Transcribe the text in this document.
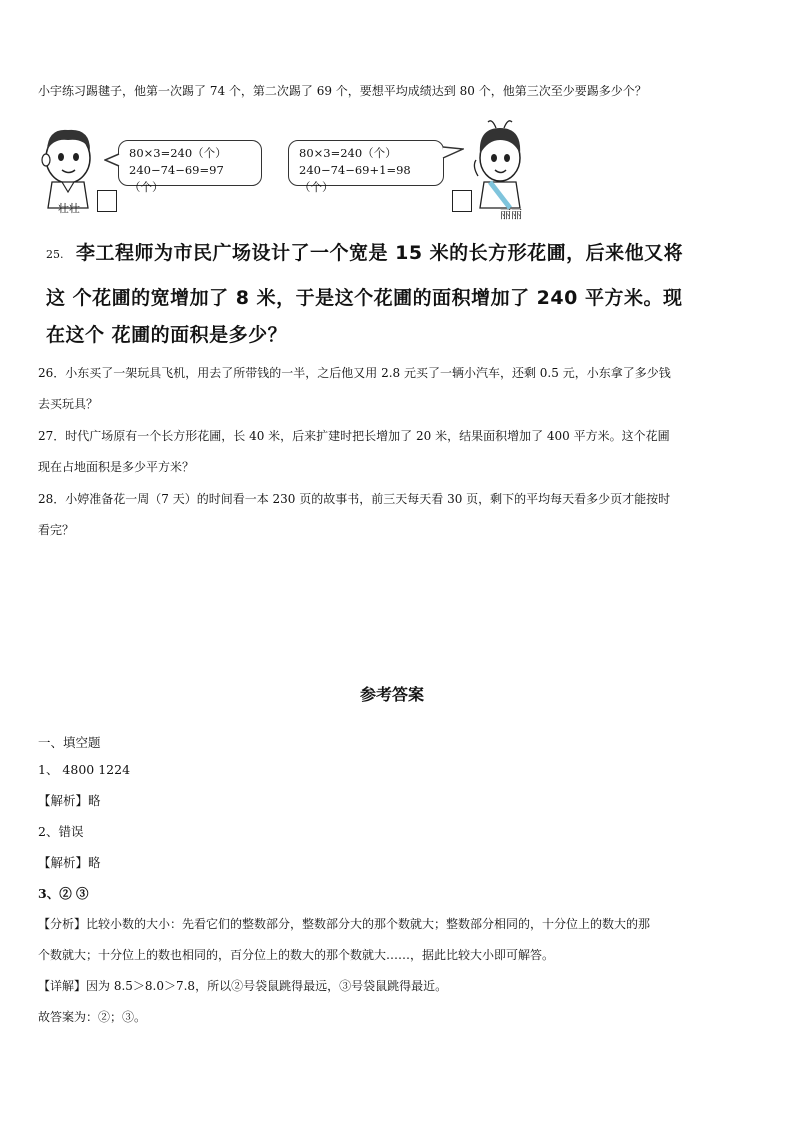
小宇练习踢毽子，他第一次踢了 74 个，第二次踢了 69 个，要想平均成绩达到 80 个，他第三次至少要踢多少个？
壮壮
80×3=240（个）
240−74−69=97（个）
80×3=240（个）
240−74−69+1=98（个）
丽丽
25. 李工程师为市民广场设计了一个宽是 15 米的长方形花圃，后来他又将
这 个花圃的宽增加了 8 米，于是这个花圃的面积增加了 240 平方米。现
在这个 花圃的面积是多少？
26．小东买了一架玩具飞机，用去了所带钱的一半，之后他又用 2.8 元买了一辆小汽车，还剩 0.5 元，小东拿了多少钱
去买玩具？
27．时代广场原有一个长方形花圃，长 40 米，后来扩建时把长增加了 20 米，结果面积增加了 400 平方米。这个花圃
现在占地面积是多少平方米？
28．小婷准备花一周（7 天）的时间看一本 230 页的故事书，前三天每天看 30 页，剩下的平均每天看多少页才能按时
看完？
参考答案
一、填空题
1、 4800 1224
【解析】略
2、错误
【解析】略
3、② ③
【分析】比较小数的大小：先看它们的整数部分，整数部分大的那个数就大；整数部分相同的，十分位上的数大的那
个数就大；十分位上的数也相同的，百分位上的数大的那个数就大……，据此比较大小即可解答。
【详解】因为 8.5＞8.0＞7.8，所以②号袋鼠跳得最远，③号袋鼠跳得最近。
故答案为：②；③。
